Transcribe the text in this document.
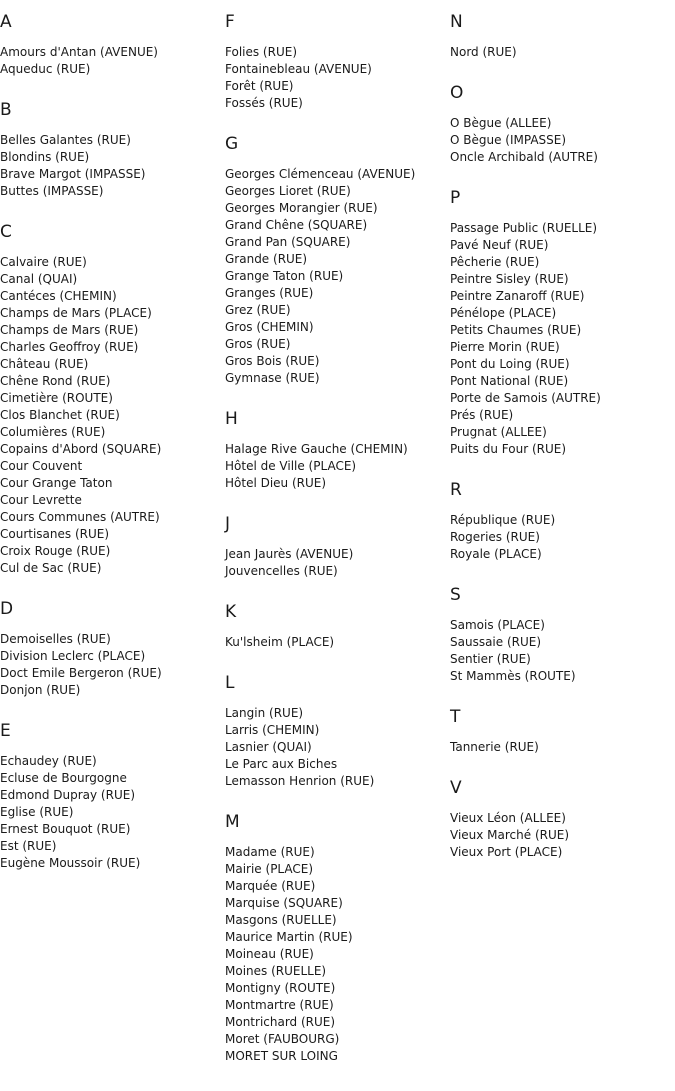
A
Amours d'Antan (AVENUE)
Aqueduc (RUE)
B
Belles Galantes (RUE)
Blondins (RUE)
Brave Margot (IMPASSE)
Buttes (IMPASSE)
C
Calvaire (RUE)
Canal (QUAI)
Cantéces (CHEMIN)
Champs de Mars (PLACE)
Champs de Mars (RUE)
Charles Geoffroy (RUE)
Château (RUE)
Chêne Rond (RUE)
Cimetière (ROUTE)
Clos Blanchet (RUE)
Columières (RUE)
Copains d'Abord (SQUARE)
Cour Couvent
Cour Grange Taton
Cour Levrette
Cours Communes (AUTRE)
Courtisanes (RUE)
Croix Rouge (RUE)
Cul de Sac (RUE)
D
Demoiselles (RUE)
Division Leclerc (PLACE)
Doct Emile Bergeron (RUE)
Donjon (RUE)
E
Echaudey (RUE)
Ecluse de Bourgogne
Edmond Dupray (RUE)
Eglise (RUE)
Ernest Bouquot (RUE)
Est (RUE)
Eugène Moussoir (RUE)
F
Folies (RUE)
Fontainebleau (AVENUE)
Forêt (RUE)
Fossés (RUE)
G
Georges Clémenceau (AVENUE)
Georges Lioret (RUE)
Georges Morangier (RUE)
Grand Chêne (SQUARE)
Grand Pan (SQUARE)
Grande (RUE)
Grange Taton (RUE)
Granges (RUE)
Grez (RUE)
Gros (CHEMIN)
Gros (RUE)
Gros Bois (RUE)
Gymnase (RUE)
H
Halage Rive Gauche (CHEMIN)
Hôtel de Ville (PLACE)
Hôtel Dieu (RUE)
J
Jean Jaurès (AVENUE)
Jouvencelles (RUE)
K
Ku'lsheim (PLACE)
L
Langin (RUE)
Larris (CHEMIN)
Lasnier (QUAI)
Le Parc aux Biches
Lemasson Henrion (RUE)
M
Madame (RUE)
Mairie (PLACE)
Marquée (RUE)
Marquise (SQUARE)
Masgons (RUELLE)
Maurice Martin (RUE)
Moineau (RUE)
Moines (RUELLE)
Montigny (ROUTE)
Montmartre (RUE)
Montrichard (RUE)
Moret (FAUBOURG)
MORET SUR LOING
N
Nord (RUE)
O
O Bègue (ALLEE)
O Bègue (IMPASSE)
Oncle Archibald (AUTRE)
P
Passage Public (RUELLE)
Pavé Neuf (RUE)
Pêcherie (RUE)
Peintre Sisley (RUE)
Peintre Zanaroff (RUE)
Pénélope (PLACE)
Petits Chaumes (RUE)
Pierre Morin (RUE)
Pont du Loing (RUE)
Pont National (RUE)
Porte de Samois (AUTRE)
Prés (RUE)
Prugnat (ALLEE)
Puits du Four (RUE)
R
République (RUE)
Rogeries (RUE)
Royale (PLACE)
S
Samois (PLACE)
Saussaie (RUE)
Sentier (RUE)
St Mammès (ROUTE)
T
Tannerie (RUE)
V
Vieux Léon (ALLEE)
Vieux Marché (RUE)
Vieux Port (PLACE)
